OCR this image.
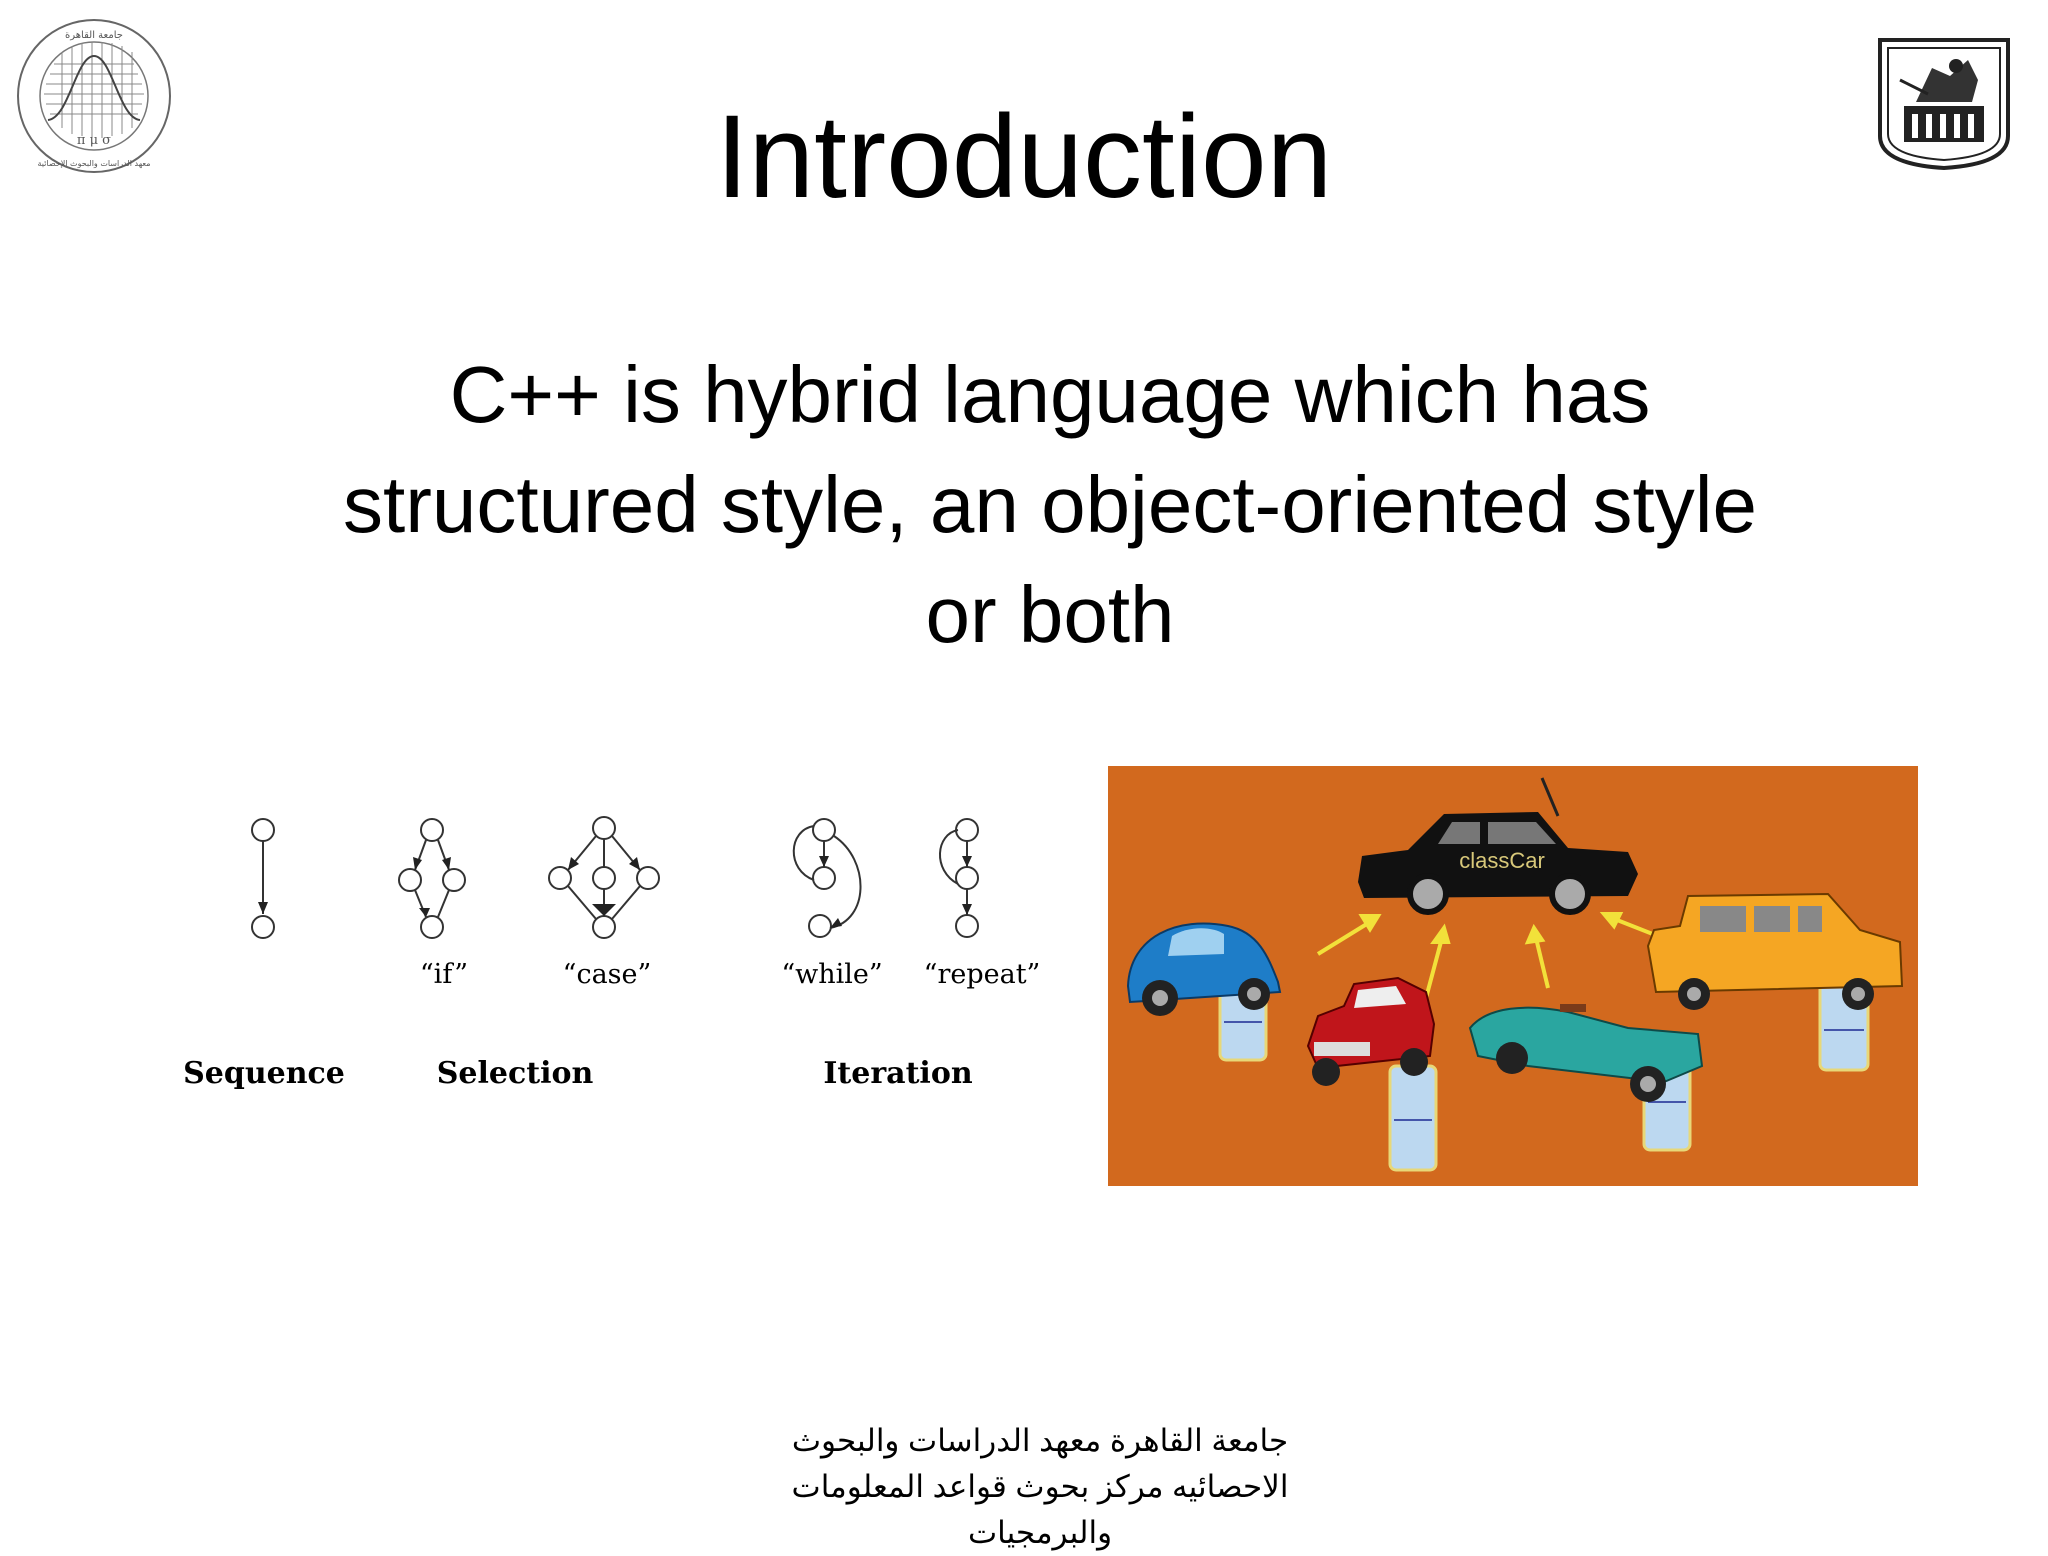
جامعة القاهرة
π μ σ
معهد الدراسات والبحوث الإحصائية	Introduction
C++ is hybrid language which has
structured style, an object-oriented style
or both
“if”	“case”	“while” “repeat”
Sequence	Selection	Iteration
classCar
جامعة القاهرة معهد الدراسات والبحوث
الاحصائيه مركز بحوث قواعد المعلومات
والبرمجيات
